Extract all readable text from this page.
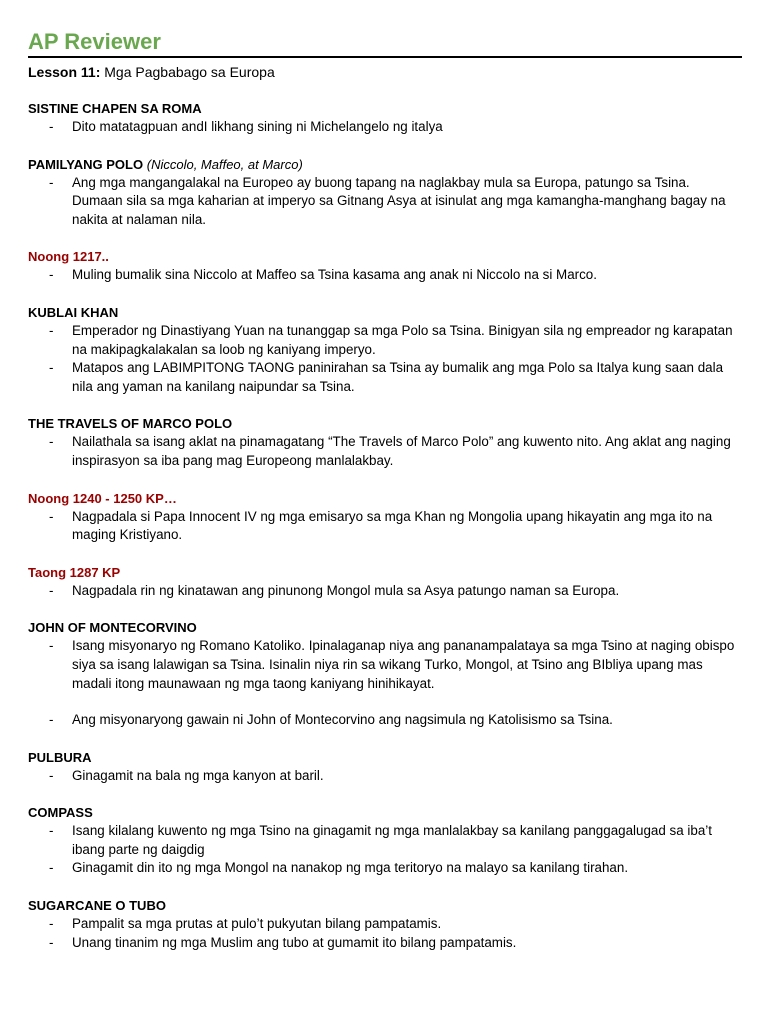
AP Reviewer
Lesson 11: Mga Pagbabago sa Europa
SISTINE CHAPEN SA ROMA
- Dito matatagpuan andI likhang sining ni Michelangelo ng italya
PAMILYANG POLO (Niccolo, Maffeo, at Marco)
- Ang mga mangangalakal na Europeo ay buong tapang na naglakbay mula sa Europa, patungo sa Tsina. Dumaan sila sa mga kaharian at imperyo sa Gitnang Asya at isinulat ang mga kamangha-manghang bagay na nakita at nalaman nila.
Noong 1217..
- Muling bumalik sina Niccolo at Maffeo sa Tsina kasama ang anak ni Niccolo na si Marco.
KUBLAI KHAN
- Emperador ng Dinastiyang Yuan na tunanggap sa mga Polo sa Tsina. Binigyan sila ng empreador ng karapatan na makipagkalakalan sa loob ng kaniyang imperyo.
- Matapos ang LABIMPITONG TAONG paninirahan sa Tsina ay bumalik ang mga Polo sa Italya kung saan dala nila ang yaman na kanilang naipundar sa Tsina.
THE TRAVELS OF MARCO POLO
- Nailathala sa isang aklat na pinamagatang “The Travels of Marco Polo” ang kuwento nito. Ang aklat ang naging inspirasyon sa iba pang mag Europeong manlalakbay.
Noong 1240 - 1250 KP…
- Nagpadala si Papa Innocent IV ng mga emisaryo sa mga Khan ng Mongolia upang hikayatin ang mga ito na maging Kristiyano.
Taong 1287 KP
- Nagpadala rin ng kinatawan ang pinunong Mongol mula sa Asya patungo naman sa Europa.
JOHN OF MONTECORVINO
- Isang misyonaryo ng Romano Katoliko. Ipinalaganap niya ang pananampalataya sa mga Tsino at naging obispo siya sa isang lalawigan sa Tsina. Isinalin niya rin sa wikang Turko, Mongol, at Tsino ang BIbliya upang mas madali itong maunawaan ng mga taong kaniyang hinihikayat.
- Ang misyonaryong gawain ni John of Montecorvino ang nagsimula ng Katolisismo sa Tsina.
PULBURA
- Ginagamit na bala ng mga kanyon at baril.
COMPASS
- Isang kilalang kuwento ng mga Tsino na ginagamit ng mga manlalakbay sa kanilang panggagalugad sa iba’t ibang parte ng daigdig
- Ginagamit din ito ng mga Mongol na nanakop ng mga teritoryo na malayo sa kanilang tirahan.
SUGARCANE O TUBO
- Pampalit sa mga prutas at pulo’t pukyutan bilang pampatamis.
- Unang tinanim ng mga Muslim ang tubo at gumamit ito bilang pampatamis.
